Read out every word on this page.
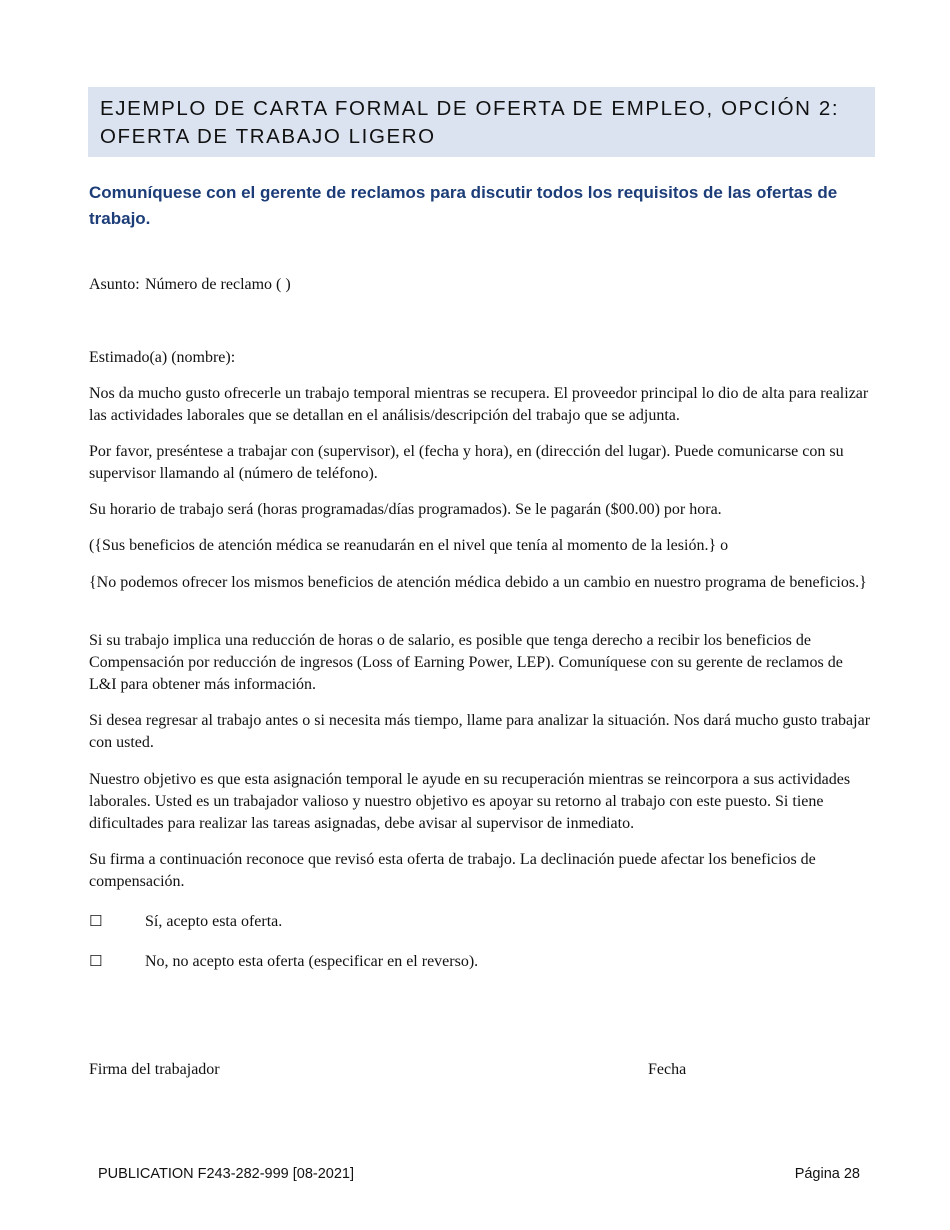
EJEMPLO DE CARTA FORMAL DE OFERTA DE EMPLEO, OPCIÓN 2:

OFERTA DE TRABAJO LIGERO

Comuníquese con el gerente de reclamos para discutir todos los requisitos de las ofertas de trabajo.

Asunto: Número de reclamo ( )

Estimado(a) (nombre):

Nos da mucho gusto ofrecerle un trabajo temporal mientras se recupera. El proveedor principal lo dio de alta para realizar las actividades laborales que se detallan en el análisis/descripción del trabajo que se adjunta.

Por favor, preséntese a trabajar con (supervisor), el (fecha y hora), en (dirección del lugar). Puede comunicarse con su supervisor llamando al (número de teléfono).

Su horario de trabajo será (horas programadas/días programados). Se le pagarán ($00.00) por hora.

({Sus beneficios de atención médica se reanudarán en el nivel que tenía al momento de la lesión.} o

{No podemos ofrecer los mismos beneficios de atención médica debido a un cambio en nuestro programa de beneficios.}

Si su trabajo implica una reducción de horas o de salario, es posible que tenga derecho a recibir los beneficios de Compensación por reducción de ingresos (Loss of Earning Power, LEP). Comuníquese con su gerente de reclamos de L&I para obtener más información.

Si desea regresar al trabajo antes o si necesita más tiempo, llame para analizar la situación. Nos dará mucho gusto trabajar con usted.

Nuestro objetivo es que esta asignación temporal le ayude en su recuperación mientras se reincorpora a sus actividades laborales. Usted es un trabajador valioso y nuestro objetivo es apoyar su retorno al trabajo con este puesto. Si tiene dificultades para realizar las tareas asignadas, debe avisar al supervisor de inmediato.

Su firma a continuación reconoce que revisó esta oferta de trabajo. La declinación puede afectar los beneficios de compensación.

☐	Sí, acepto esta oferta.
☐	No, no acepto esta oferta (especificar en el reverso).
Firma del trabajador	Fecha
PUBLICATION F243-282-999 [08-2021]	Página 28
